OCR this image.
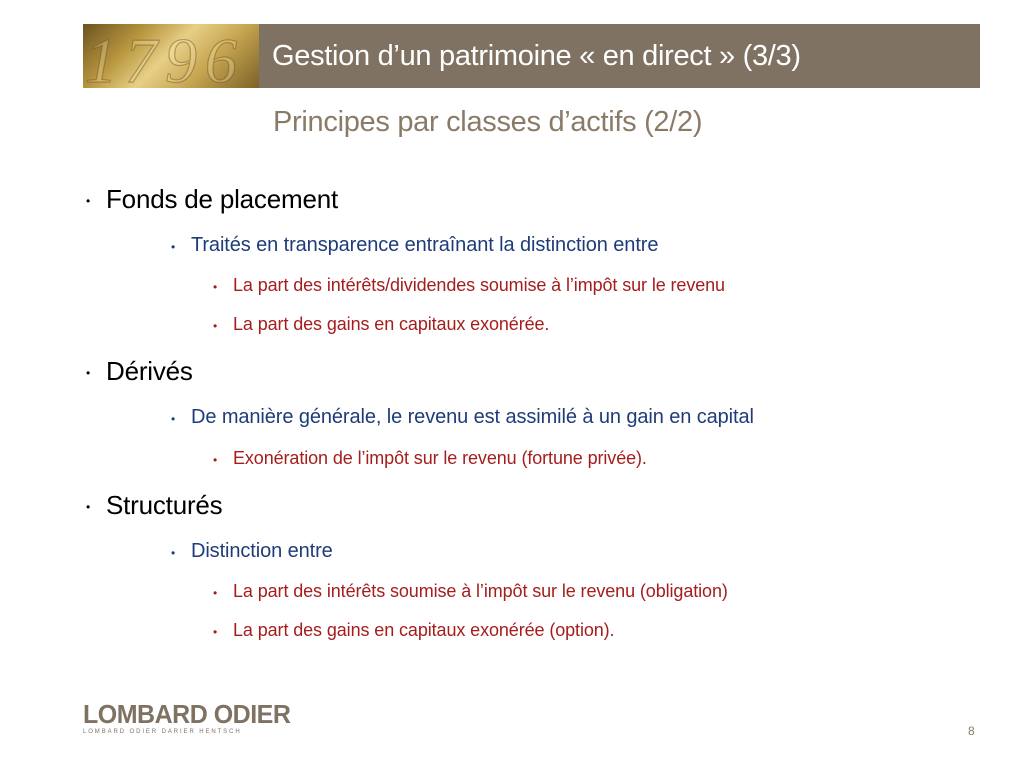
1796 Gestion d’un patrimoine « en direct » (3/3)
Principes par classes d’actifs (2/2)
• Fonds de placement
• Traités en transparence entraînant la distinction entre
• La part des intérêts/dividendes soumise à l’impôt sur le revenu
• La part des gains en capitaux exonérée.
• Dérivés
• De manière générale, le revenu est assimilé à un gain en capital
• Exonération de l’impôt sur le revenu (fortune privée).
• Structurés
• Distinction entre
• La part des intérêts soumise à l’impôt sur le revenu (obligation)
• La part des gains en capitaux exonérée (option).
LOMBARD ODIER
LOMBARD ODIER DARIER HENTSCH	8
